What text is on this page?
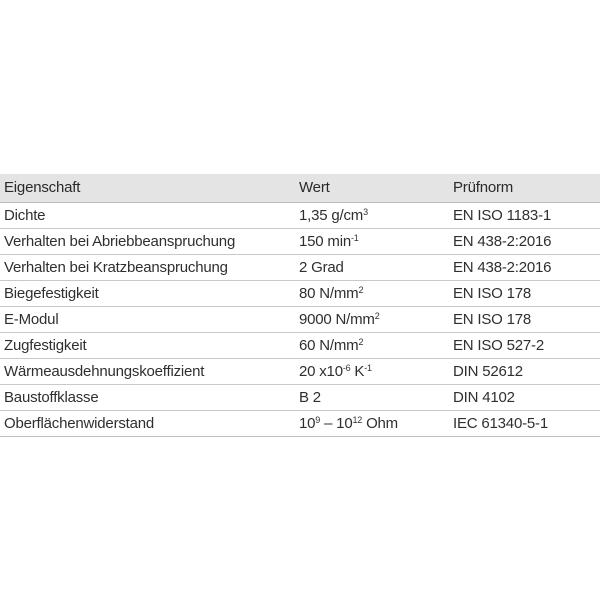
Eigenschaft	Wert	Prüfnorm
Dichte	1,35 $g/cm^3$	EN ISO 1183-1
Verhalten bei Abriebbeanspruchung	150 $\min^{-1}$	EN 438-2:2016
Verhalten bei Kratzbeanspruchung	2 Grad	EN 438-2:2016
Biegefestigkeit	80 $N/mm^2$	EN ISO 178
E-Modul	9000 $N/mm^2$	EN ISO 178
Zugfestigkeit	60 $N/mm^2$	EN ISO 527-2
Wärmeausdehnungskoeffizient	20 $x10^{-6}$ $K^{-1}$	DIN 52612
Baustoffklasse	B 2	DIN 4102
Oberflächenwiderstand	$10^9 - 10^{12}$ Ohm	IEC 61340-5-1
